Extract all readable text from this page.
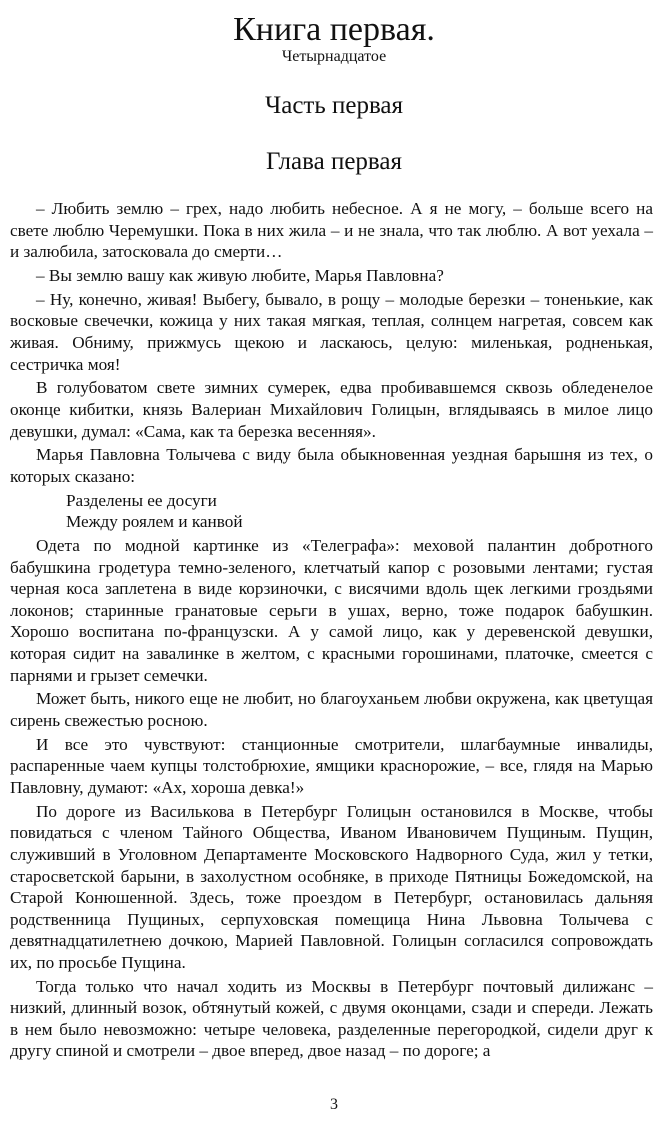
Книга первая.
Четырнадцатое
Часть первая
Глава первая

– Любить землю – грех, надо любить небесное. А я не могу, – больше всего на свете люблю Черемушки. Пока в них жила – и не знала, что так люблю. А вот уехала – и залюбила, затосковала до смерти…

– Вы землю вашу как живую любите, Марья Павловна?

– Ну, конечно, живая! Выбегу, бывало, в рощу – молодые березки – тоненькие, как восковые свечечки, кожица у них такая мягкая, теплая, солнцем нагретая, совсем как живая. Обниму, прижмусь щекою и ласкаюсь, целую: миленькая, родненькая, сестричка моя!

В голубоватом свете зимних сумерек, едва пробивавшемся сквозь обледенелое оконце кибитки, князь Валериан Михайлович Голицын, вглядываясь в милое лицо девушки, думал: «Сама, как та березка весенняя».

Марья Павловна Толычева с виду была обыкновенная уездная барышня из тех, о которых сказано:

Разделены ее досуги

Между роялем и канвой

Одета по модной картинке из «Телеграфа»: меховой палантин добротного бабушкина гродетура темно-зеленого, клетчатый капор с розовыми лентами; густая черная коса заплетена в виде корзиночки, с висячими вдоль щек легкими гроздьями локонов; старинные гранатовые серьги в ушах, верно, тоже подарок бабушкин. Хорошо воспитана по-французски. А у самой лицо, как у деревенской девушки, которая сидит на завалинке в желтом, с красными горошинами, платочке, смеется с парнями и грызет семечки.

Может быть, никого еще не любит, но благоуханьем любви окружена, как цветущая сирень свежестью росною.

И все это чувствуют: станционные смотрители, шлагбаумные инвалиды, распаренные чаем купцы толстобрюхие, ямщики краснорожие, – все, глядя на Марью Павловну, думают: «Ах, хороша девка!»

По дороге из Василькова в Петербург Голицын остановился в Москве, чтобы повидаться с членом Тайного Общества, Иваном Ивановичем Пущиным. Пущин, служивший в Уголовном Департаменте Московского Надворного Суда, жил у тетки, старосветской барыни, в захолустном особняке, в приходе Пятницы Божедомской, на Старой Конюшенной. Здесь, тоже проездом в Петербург, остановилась дальняя родственница Пущиных, серпуховская помещица Нина Львовна Толычева с девятнадцатилетнею дочкою, Марией Павловной. Голицын согласился сопровождать их, по просьбе Пущина.

Тогда только что начал ходить из Москвы в Петербург почтовый дилижанс – низкий, длинный возок, обтянутый кожей, с двумя оконцами, сзади и спереди. Лежать в нем было невозможно: четыре человека, разделенные перегородкой, сидели друг к другу спиной и смотрели – двое вперед, двое назад – по дороге; а

3
